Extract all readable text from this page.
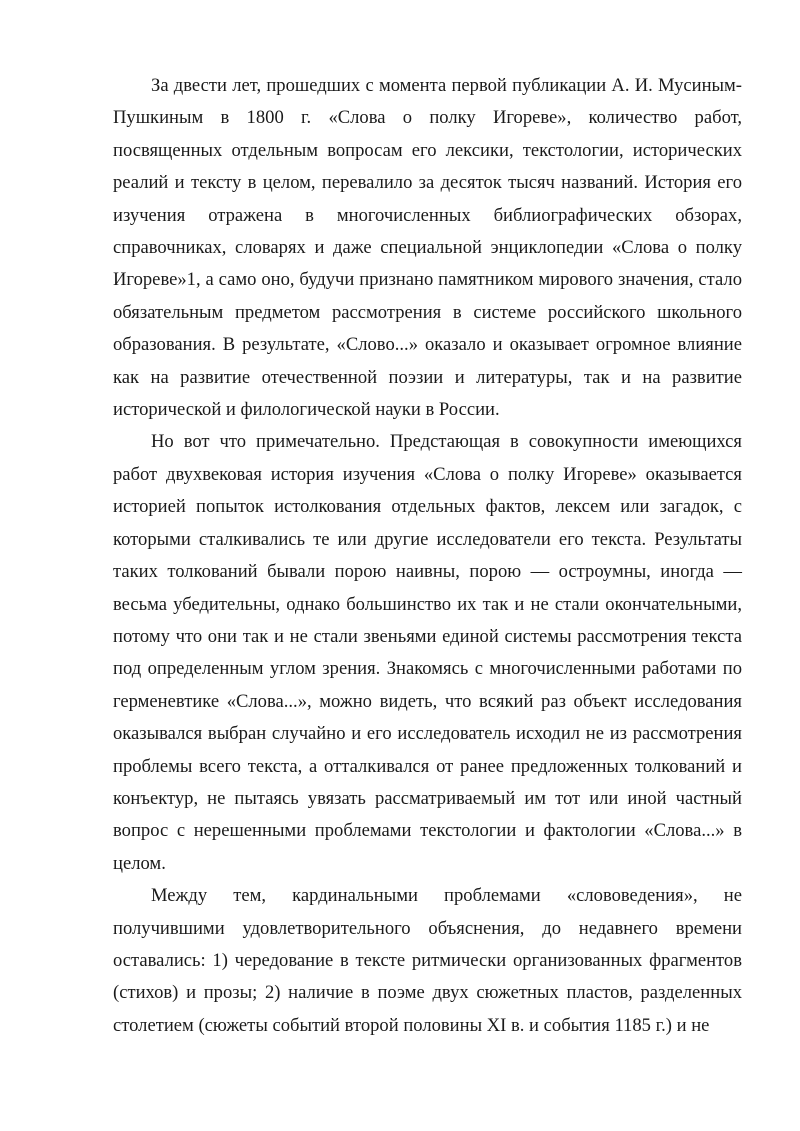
За двести лет, прошедших с момента первой публикации А. И. Мусиным-Пушкиным в 1800 г. «Слова о полку Игореве», количество работ, посвященных отдельным вопросам его лексики, текстологии, исторических реалий и тексту в целом, перевалило за десяток тысяч названий. История его изучения отражена в многочисленных библиографических обзорах, справочниках, словарях и даже специальной энциклопедии «Слова о полку Игореве»1, а само оно, будучи признано памятником мирового значения, стало обязательным предметом рассмотрения в системе российского школьного образования. В результате, «Слово...» оказало и оказывает огромное влияние как на развитие отечественной поэзии и литературы, так и на развитие исторической и филологической науки в России.

Но вот что примечательно. Предстающая в совокупности имеющихся работ двухвековая история изучения «Слова о полку Игореве» оказывается историей попыток истолкования отдельных фактов, лексем или загадок, с которыми сталкивались те или другие исследователи его текста. Результаты таких толкований бывали порою наивны, порою — остроумны, иногда — весьма убедительны, однако большинство их так и не стали окончательными, потому что они так и не стали звеньями единой системы рассмотрения текста под определенным углом зрения. Знакомясь с многочисленными работами по герменевтике «Слова...», можно видеть, что всякий раз объект исследования оказывался выбран случайно и его исследователь исходил не из рассмотрения проблемы всего текста, а отталкивался от ранее предложенных толкований и конъектур, не пытаясь увязать рассматриваемый им тот или иной частный вопрос с нерешенными проблемами текстологии и фактологии «Слова...» в целом.

Между тем, кардинальными проблемами «слововедения», не получившими удовлетворительного объяснения, до недавнего времени оставались: 1) чередование в тексте ритмически организованных фрагментов (стихов) и прозы; 2) наличие в поэме двух сюжетных пластов, разделенных столетием (сюжеты событий второй половины XI в. и события 1185 г.) и не
